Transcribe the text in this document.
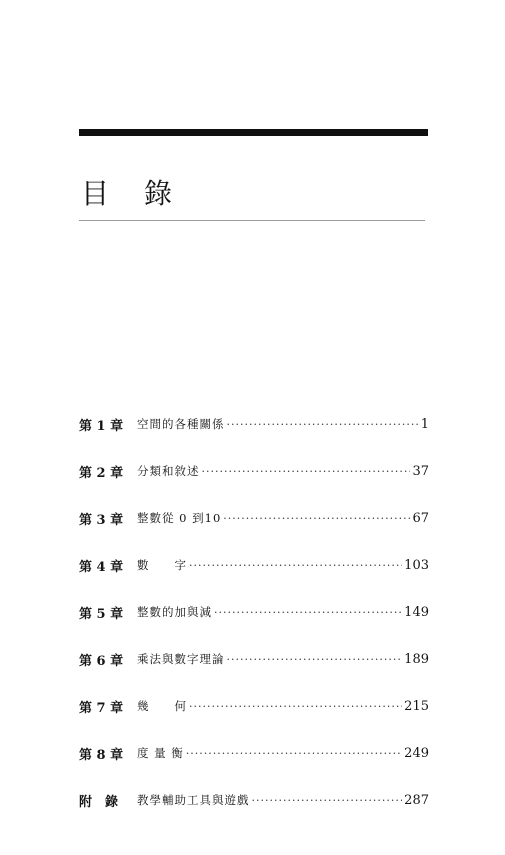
目 錄
第 1 章	空間的各種關係 ·····	1
第 2 章	分類和敘述 ·····	37
第 3 章	整數從 0 到10 ·····	67
第 4 章	數　　字 ·····	103
第 5 章	整數的加與減 ·····	149
第 6 章	乘法與數字理論 ·····	189
第 7 章	幾　　何 ·····	215
第 8 章	度 量 衡 ·····	249
附　錄	教學輔助工具與遊戲 ·····	287
